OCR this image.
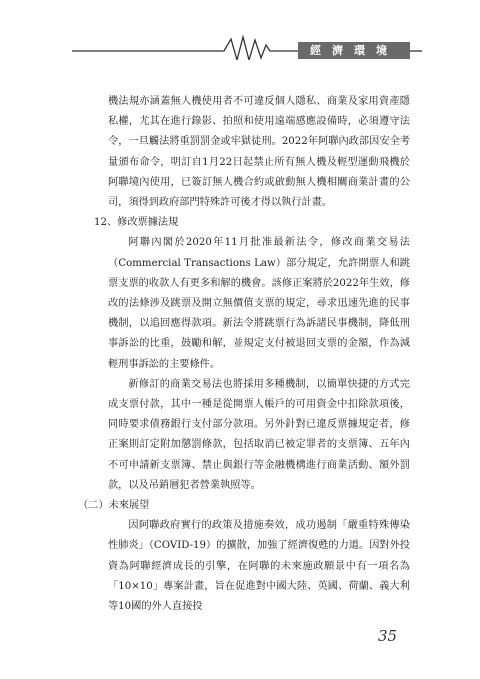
經濟環境

機法規亦涵蓋無人機使用者不可違反個人隱私、商業及家用資產隱私權，尤其在進行錄影、拍照和使用遠端感應設備時，必須遵守法令，一旦觸法將重罰罰金或牢獄徒刑。2022年阿聯內政部因安全考量頒布命令，明訂自1月22日起禁止所有無人機及輕型運動飛機於阿聯境內使用，已簽訂無人機合約或啟動無人機相關商業計畫的公司，須得到政府部門特殊許可後才得以執行計畫。

12、修改票據法規

阿聯內閣於2020年11月批准最新法令，修改商業交易法（Commercial Transactions Law）部分規定，允許開票人和跳票支票的收款人有更多和解的機會。該修正案將於2022年生效，修改的法條涉及跳票及開立無價值支票的規定，尋求迅速先進的民事機制，以追回應得款項。新法令將跳票行為訴諸民事機制，降低刑事訴訟的比重，鼓勵和解，並規定支付被退回支票的金額，作為減輕刑事訴訟的主要條件。

新修訂的商業交易法也將採用多種機制，以簡單快捷的方式完成支票付款，其中一種是從開票人帳戶的可用資金中扣除款項後，同時要求債務銀行支付部分款項。另外針對已違反票據規定者，修正案則訂定附加懲罰條款，包括取消已被定罪者的支票簿、五年內不可申請新支票簿、禁止與銀行等金融機構進行商業活動、額外罰款，以及吊銷層犯者營業執照等。

（二）未來展望

因阿聯政府實行的政策及措施奏效，成功遏制「嚴重特殊傳染性肺炎」（COVID-19）的擴散，加強了經濟復甦的力道。因對外投資為阿聯經濟成長的引擎，在阿聯的未來施政願景中有一項名為「10×10」專案計畫，旨在促進對中國大陸、英國、荷蘭、義大利等10國的外人直接投

35
